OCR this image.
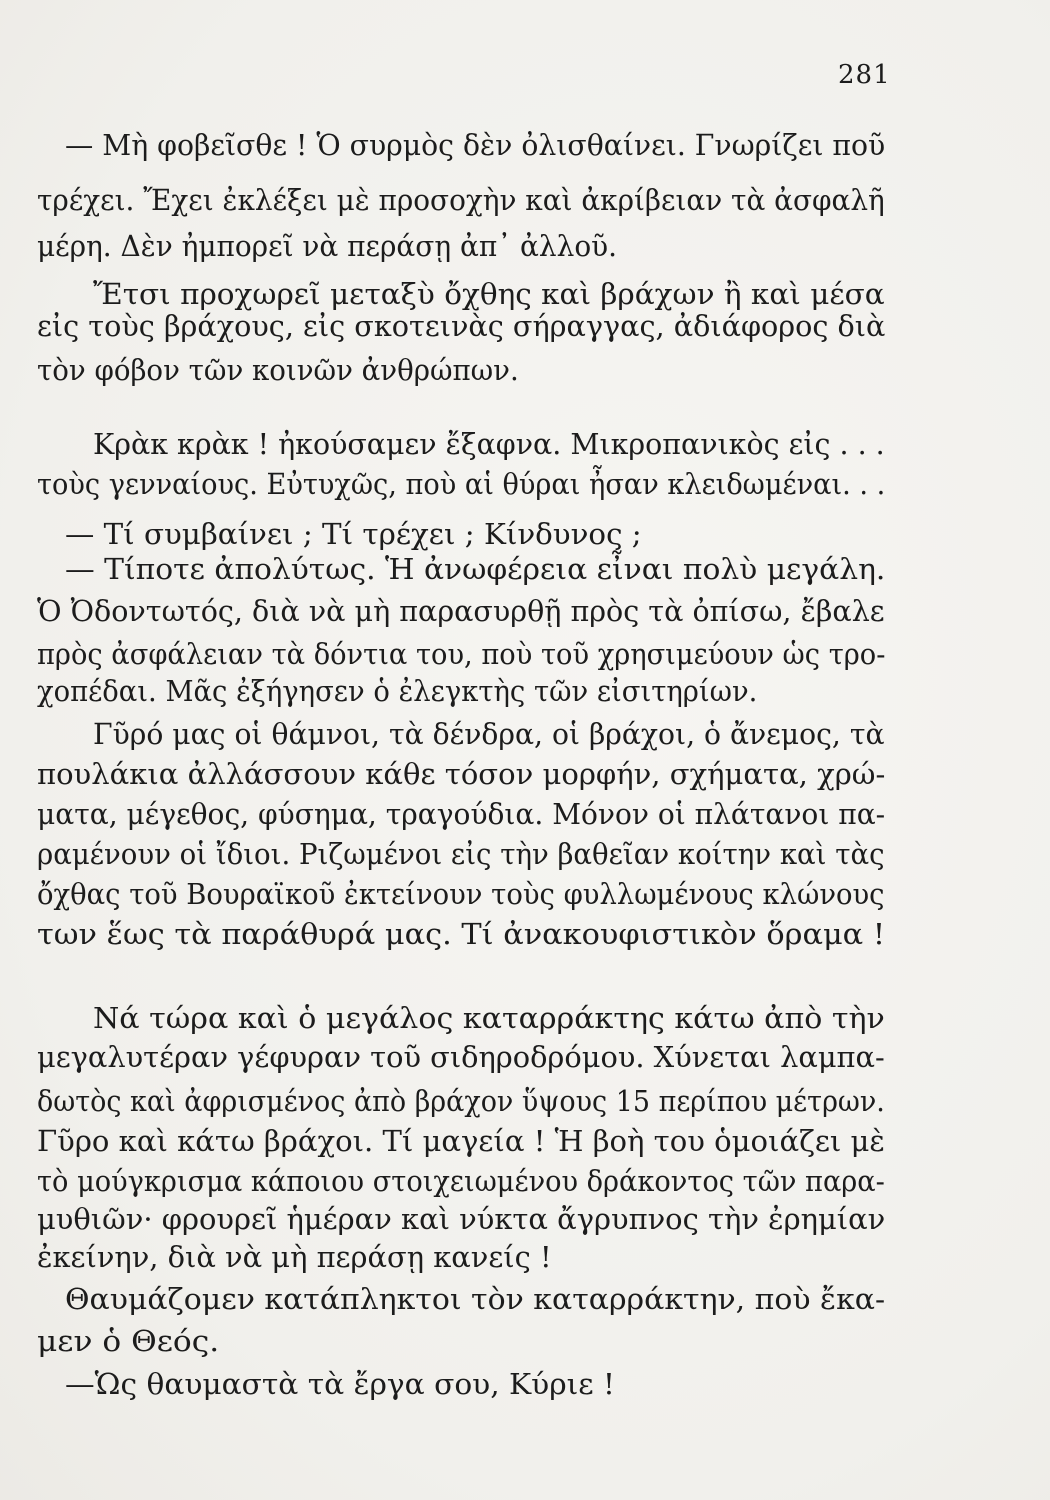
281
— Μὴ φοβεῖσθε ! Ὁ συρμὸς δὲν ὀλισθαίνει. Γνωρίζει ποῦ
τρέχει. Ἔχει ἐκλέξει μὲ προσοχὴν καὶ ἀκρίβειαν τὰ ἀσφαλῆ
μέρη. Δὲν ἠμπορεῖ νὰ περάσῃ ἀπ᾽ ἀλλοῦ.
Ἔτσι προχωρεῖ μεταξὺ ὄχθης καὶ βράχων ἢ καὶ μέσα
εἰς τοὺς βράχους, εἰς σκοτεινὰς σήραγγας, ἀδιάφορος διὰ
τὸν φόβον τῶν κοινῶν ἀνθρώπων.
Κρὰκ κρὰκ ! ἠκούσαμεν ἔξαφνα. Μικροπανικὸς εἰς . . .
τοὺς γενναίους. Εὐτυχῶς, ποὺ αἱ θύραι ἦσαν κλειδωμέναι. . .
— Τί συμβαίνει ; Τί τρέχει ; Κίνδυνος ;
— Τίποτε ἀπολύτως. Ἡ ἀνωφέρεια εἶναι πολὺ μεγάλη.
Ὁ Ὀδοντωτός, διὰ νὰ μὴ παρασυρθῇ πρὸς τὰ ὀπίσω, ἔβαλε
πρὸς ἀσφάλειαν τὰ δόντια του, ποὺ τοῦ χρησιμεύουν ὡς τρο-
χοπέδαι. Μᾶς ἐξήγησεν ὁ ἐλεγκτὴς τῶν εἰσιτηρίων.
Γῦρό μας οἱ θάμνοι, τὰ δένδρα, οἱ βράχοι, ὁ ἄνεμος, τὰ
πουλάκια ἀλλάσσουν κάθε τόσον μορφήν, σχήματα, χρώ-
ματα, μέγεθος, φύσημα, τραγούδια. Μόνον οἱ πλάτανοι πα-
ραμένουν οἱ ἴδιοι. Ριζωμένοι εἰς τὴν βαθεῖαν κοίτην καὶ τὰς
ὄχθας τοῦ Βουραϊκοῦ ἐκτείνουν τοὺς φυλλωμένους κλώνους
των ἕως τὰ παράθυρά μας. Τί ἀνακουφιστικὸν ὅραμα !
Νά τώρα καὶ ὁ μεγάλος καταρράκτης κάτω ἀπὸ τὴν
μεγαλυτέραν γέφυραν τοῦ σιδηροδρόμου. Χύνεται λαμπα-
δωτὸς καὶ ἀφρισμένος ἀπὸ βράχον ὕψους 15 περίπου μέτρων.
Γῦρο καὶ κάτω βράχοι. Τί μαγεία ! Ἡ βοὴ του ὁμοιάζει μὲ
τὸ μούγκρισμα κάποιου στοιχειωμένου δράκοντος τῶν παρα-
μυθιῶν· φρουρεῖ ἡμέραν καὶ νύκτα ἄγρυπνος τὴν ἐρημίαν
ἐκείνην, διὰ νὰ μὴ περάσῃ κανείς !
Θαυμάζομεν κατάπληκτοι τὸν καταρράκτην, ποὺ ἔκα-
μεν ὁ Θεός.
—Ὡς θαυμαστὰ τὰ ἔργα σου, Κύριε !
